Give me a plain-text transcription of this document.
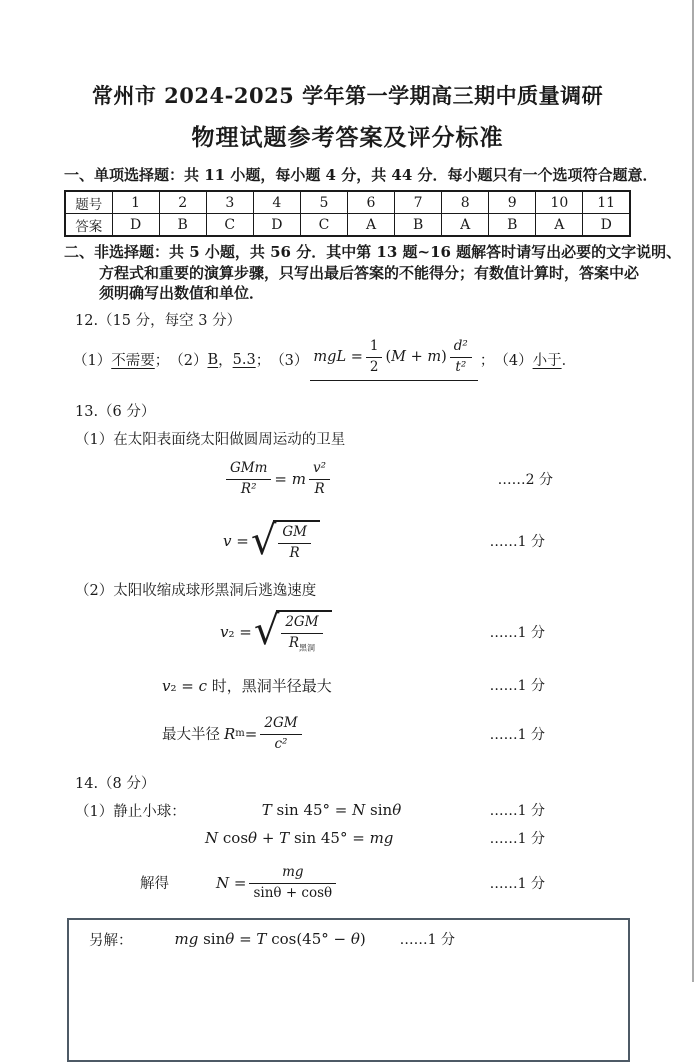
常州市 2024-2025 学年第一学期高三期中质量调研
物理试题参考答案及评分标准
一、单项选择题：共 11 小题，每小题 4 分，共 44 分．每小题只有一个选项符合题意．
题号	1	2	3	4	5	6	7	8	9	10	11
答案	D	B	C	D	C	A	B	A	B	A	D
二、非选择题：共 5 小题，共 56 分．其中第 13 题~16 题解答时请写出必要的文字说明、
方程式和重要的演算步骤，只写出最后答案的不能得分；有数值计算时，答案中必
须明确写出数值和单位．
12.（15 分，每空 3 分）
（1） 不需要 ； （2） B ， 5.3 ； （3） mgL = $\frac{1}{2} (M + m) \frac{\text{d²}}{\text{t²}}$ ； （4） 小于 ．
13.（6 分）
（1）在太阳表面绕太阳做圆周运动的卫星
$\frac{\text{GMm}}{\text{R²}} = m \frac{\text{v²}}{R}$	……2 分
v = √ $\frac{GM}{R}$	……1 分
（2）太阳收缩成球形黑洞后逃逸速度
v₂ = √ $\frac{2GM}{R_{黑洞}}$	……1 分
v₂ = c 时，黑洞半径最大	……1 分
最大半径 R $m = \frac{2GM}{\text{c²}}$	……1 分
14.（8 分）
（1）静止小球：	T sin 45° = N sinθ	……1 分
N cosθ + T sin 45° = mg	……1 分
解得	$N = \frac{mg}{\sin\theta + \cos\theta}$	……1 分
另解：	mg sinθ = T cos(45° − θ) ……1 分
